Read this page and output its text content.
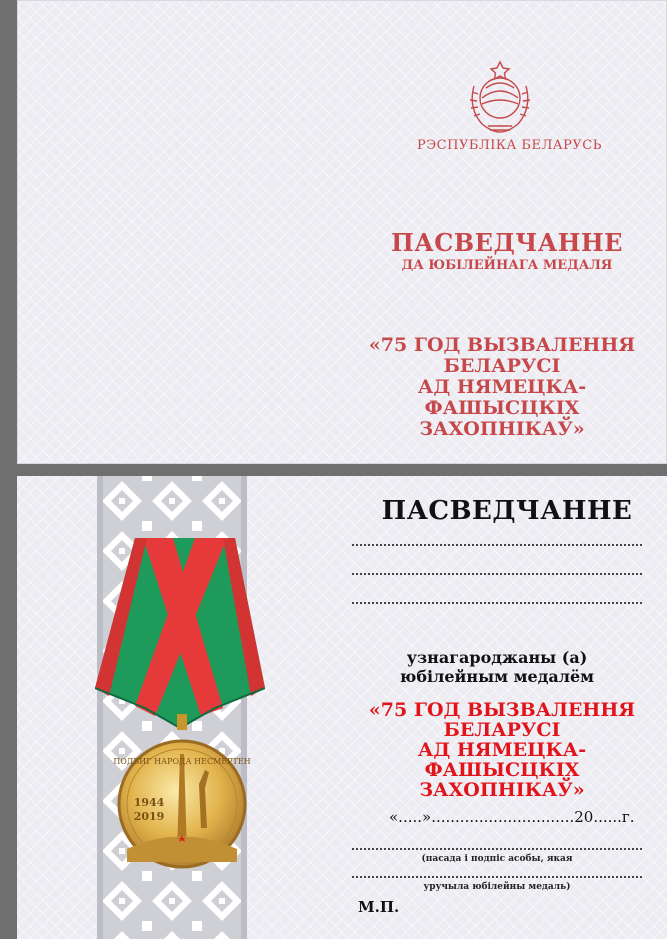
РЭСПУБЛІКА БЕЛАРУСЬ
ПАСВЕДЧАННЕ
ДА ЮБІЛЕЙНАГА МЕДАЛЯ
«75 ГОД ВЫЗВАЛЕННЯ
БЕЛАРУСІ
АД НЯМЕЦКА-ФАШЫСЦКІХ
ЗАХОПНІКАЎ»
ПОДВИГ НАРОДА НЕСМЕРТЕН
1944
2019
ПАСВЕДЧАННЕ
узнагароджаны (а)
юбілейным медалём
«75 ГОД ВЫЗВАЛЕННЯ
БЕЛАРУСІ
АД НЯМЕЦКА-ФАШЫСЦКІХ
ЗАХОПНІКАЎ»
«.....»..............................20......г.
(пасада і подпіс асобы, якая
уручыла юбілейны медаль)
М.П.
